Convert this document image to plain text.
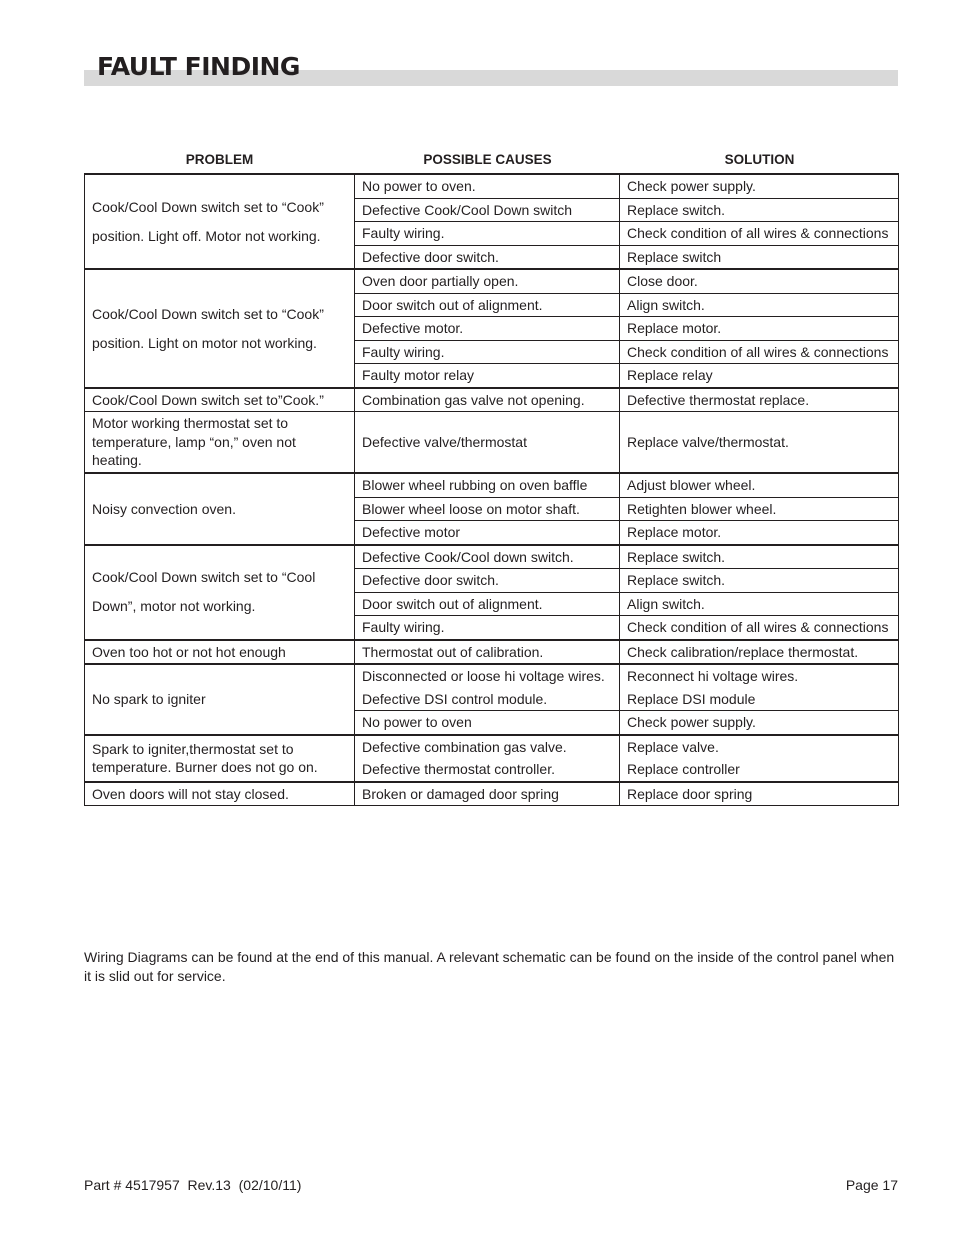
FAULT FINDING
PROBLEM	POSSIBLE CAUSES	SOLUTION
Cook/Cool Down switch set to “Cook”
position. Light off. Motor not working.	No power to oven.	Check power supply.
	Defective Cook/Cool Down switch	Replace switch.
	Faulty wiring.	Check condition of all wires & connections
	Defective door switch.	Replace switch

Cook/Cool Down switch set to “Cook”
position. Light on motor not working.	Oven door partially open.	Close door.
	Door switch out of alignment.	Align switch.
	Defective motor.	Replace motor.
	Faulty wiring.	Check condition of all wires & connections
	Faulty motor relay	Replace relay
Cook/Cool Down switch set to”Cook.”	Combination gas valve not opening.	Defective thermostat replace.
Motor working thermostat set to temperature, lamp “on,” oven not heating.	Defective valve/thermostat	Replace valve/thermostat.
Noisy convection oven.	Blower wheel rubbing on oven baffle	Adjust blower wheel.
	Blower wheel loose on motor shaft.	Retighten blower wheel.
	Defective motor	Replace motor.

Cook/Cool Down switch set to “Cool
Down”, motor not working.	Defective Cook/Cool down switch.	Replace switch.
	Defective door switch.	Replace switch.
	Door switch out of alignment.	Align switch.
	Faulty wiring.	Check condition of all wires & connections
Oven too hot or not hot enough	Thermostat out of calibration.	Check calibration/replace thermostat.
No spark to igniter	Disconnected or loose hi voltage wires.	Reconnect hi voltage wires.
	Defective DSI control module.	Replace DSI module
	No power to oven	Check power supply.
Spark to igniter,thermostat set to temperature. Burner does not go on.	Defective combination gas valve.	Replace valve.
	Defective thermostat controller.	Replace controller
Oven doors will not stay closed.	Broken or damaged door spring	Replace door spring
Wiring Diagrams can be found at the end of this manual. A relevant schematic can be found on the inside of the control panel when it is slid out for service.
Part # 4517957  Rev.13  (02/10/11)	Page 17
